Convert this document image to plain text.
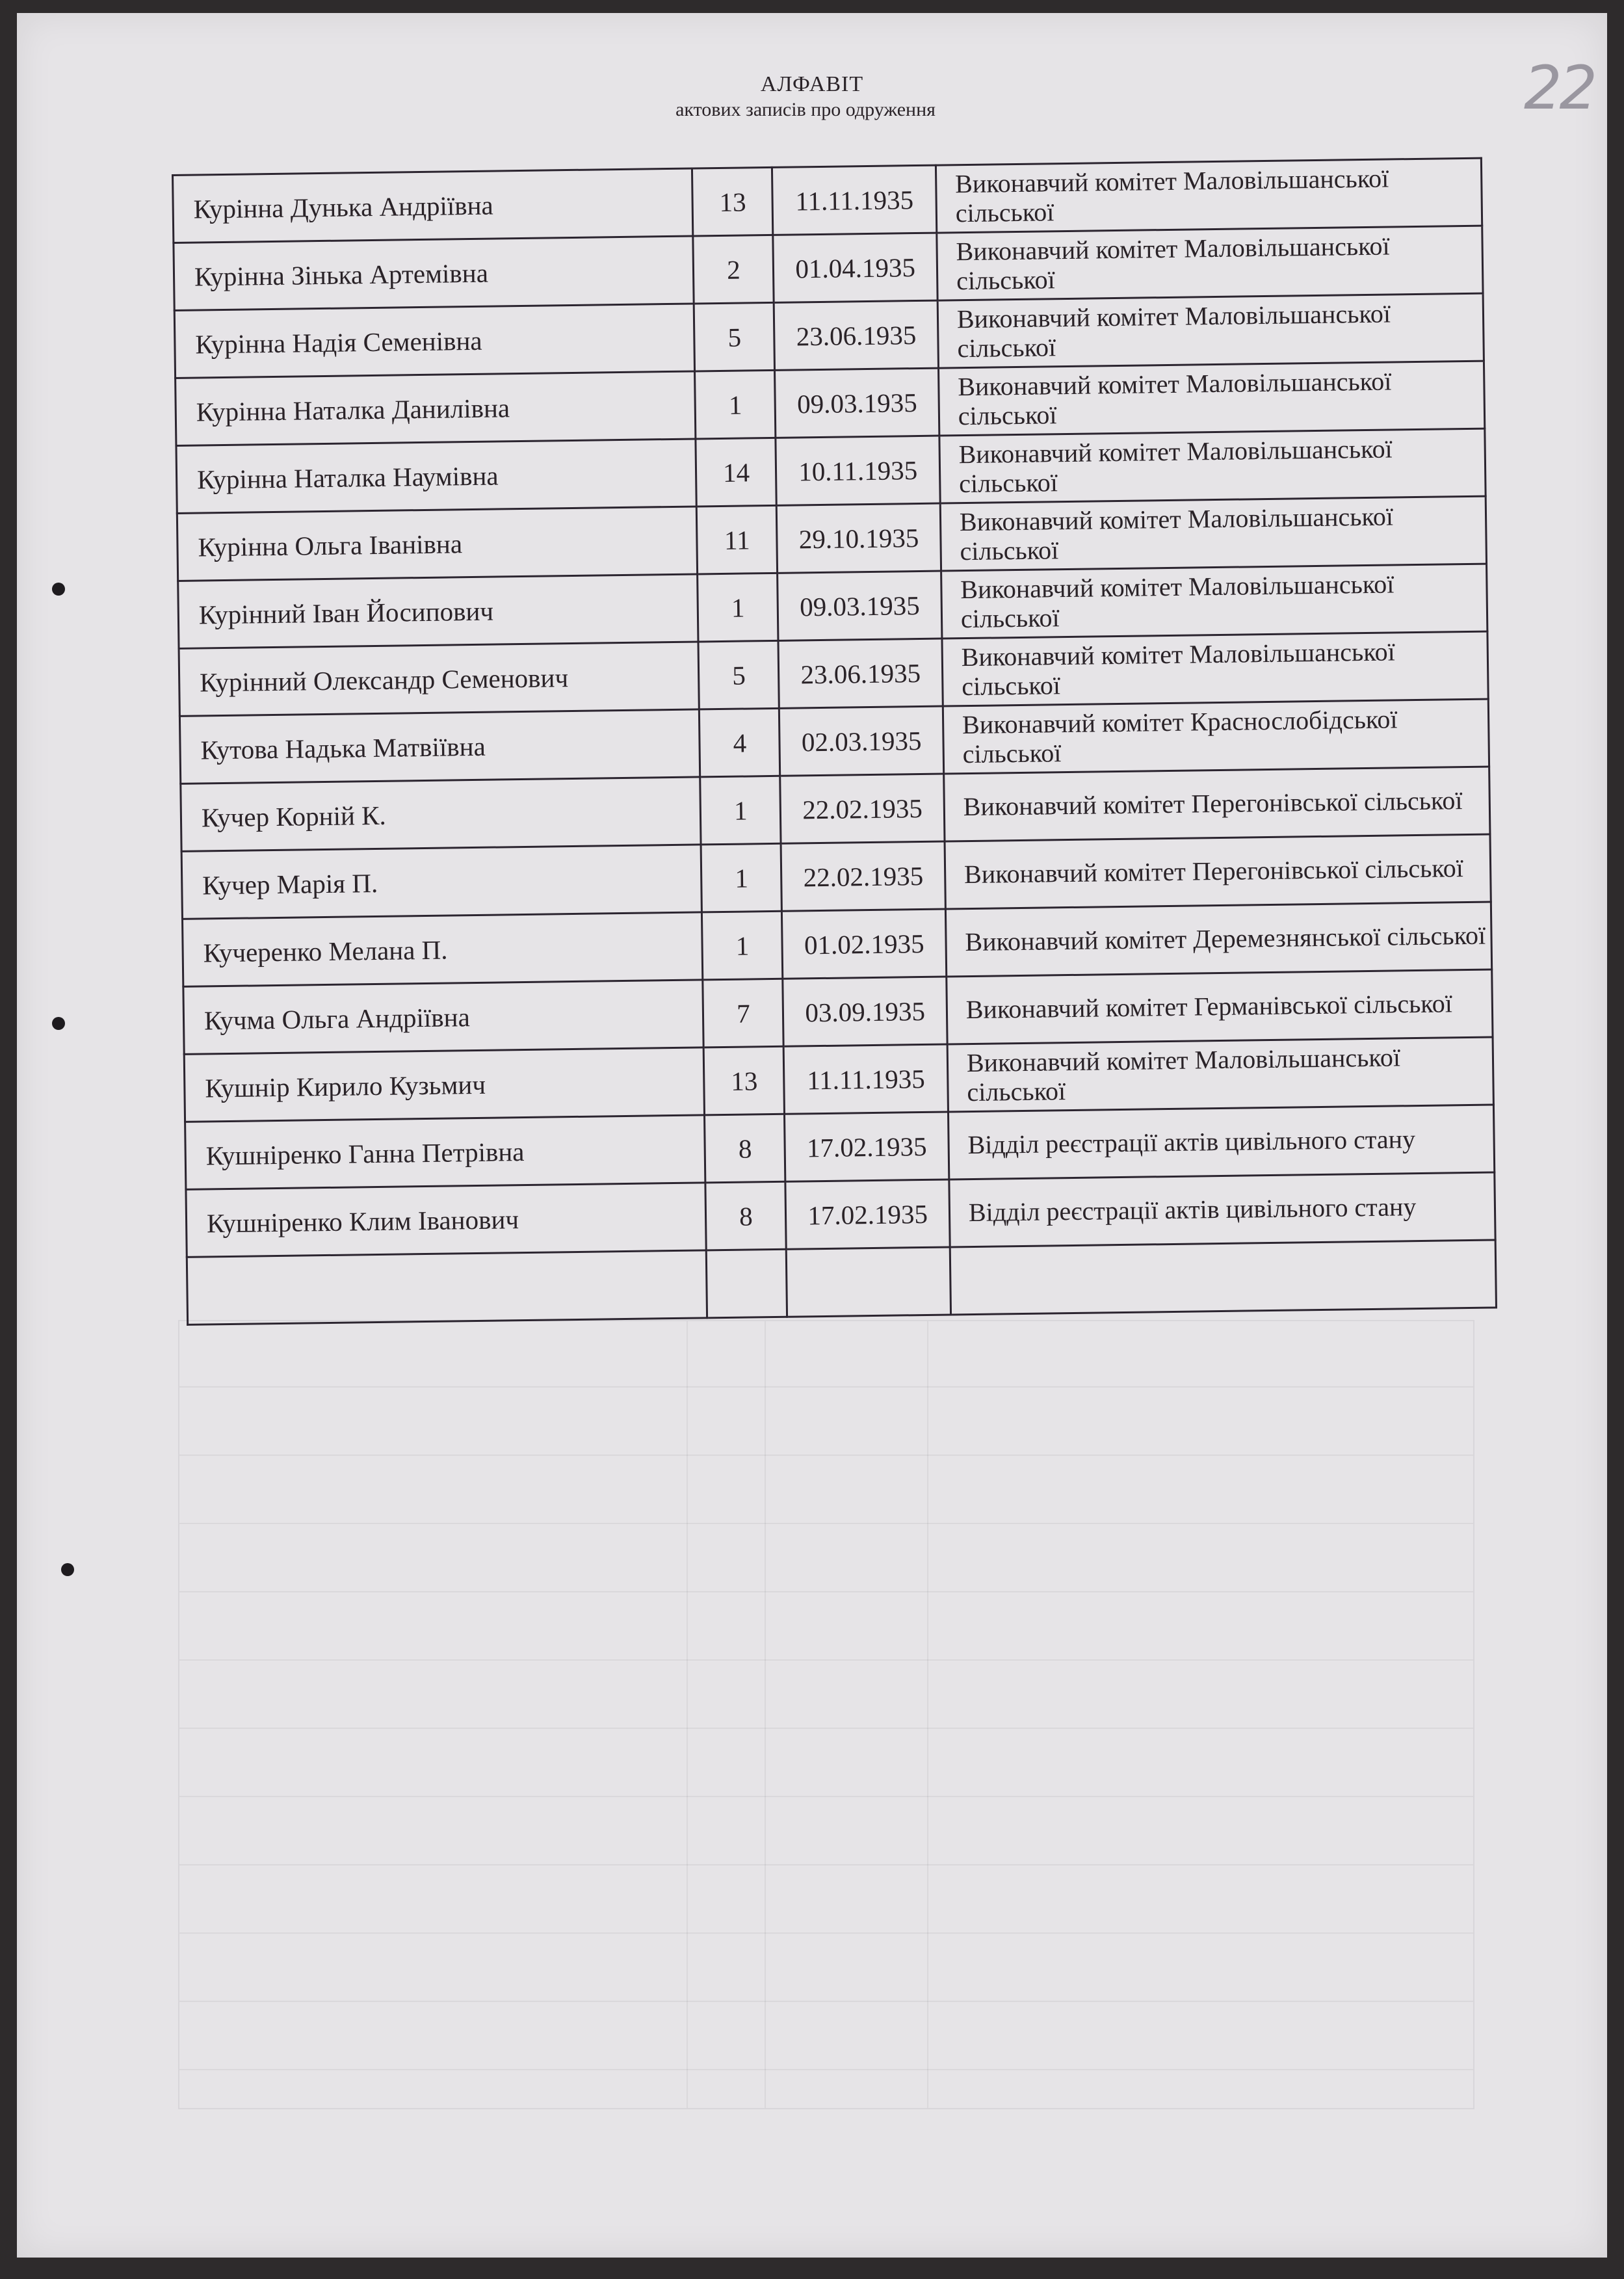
22
АЛФАВІТ
актових записів про одруження
Курінна Дунька Андріївна	13	11.11.1935	Виконавчий комітет Маловільшанської сільської
Курінна Зінька Артемівна	2	01.04.1935	Виконавчий комітет Маловільшанської сільської
Курінна Надія Семенівна	5	23.06.1935	Виконавчий комітет Маловільшанської сільської
Курінна Наталка Данилівна	1	09.03.1935	Виконавчий комітет Маловільшанської сільської
Курінна Наталка Наумівна	14	10.11.1935	Виконавчий комітет Маловільшанської сільської
Курінна Ольга Іванівна	11	29.10.1935	Виконавчий комітет Маловільшанської сільської
Курінний Іван Йосипович	1	09.03.1935	Виконавчий комітет Маловільшанської сільської
Курінний Олександр Семенович	5	23.06.1935	Виконавчий комітет Маловільшанської сільської
Кутова Надька Матвіївна	4	02.03.1935	Виконавчий комітет Краснослобідської сільської
Кучер Корній К.	1	22.02.1935	Виконавчий комітет Перегонівської сільської
Кучер Марія П.	1	22.02.1935	Виконавчий комітет Перегонівської сільської
Кучеренко Мелана П.	1	01.02.1935	Виконавчий комітет Деремезнянської сільської
Кучма Ольга Андріївна	7	03.09.1935	Виконавчий комітет Германівської сільської
Кушнір Кирило Кузьмич	13	11.11.1935	Виконавчий комітет Маловільшанської сільської
Кушніренко Ганна Петрівна	8	17.02.1935	Відділ реєстрації актів цивільного стану
Кушніренко Клим Іванович	8	17.02.1935	Відділ реєстрації актів цивільного стану
